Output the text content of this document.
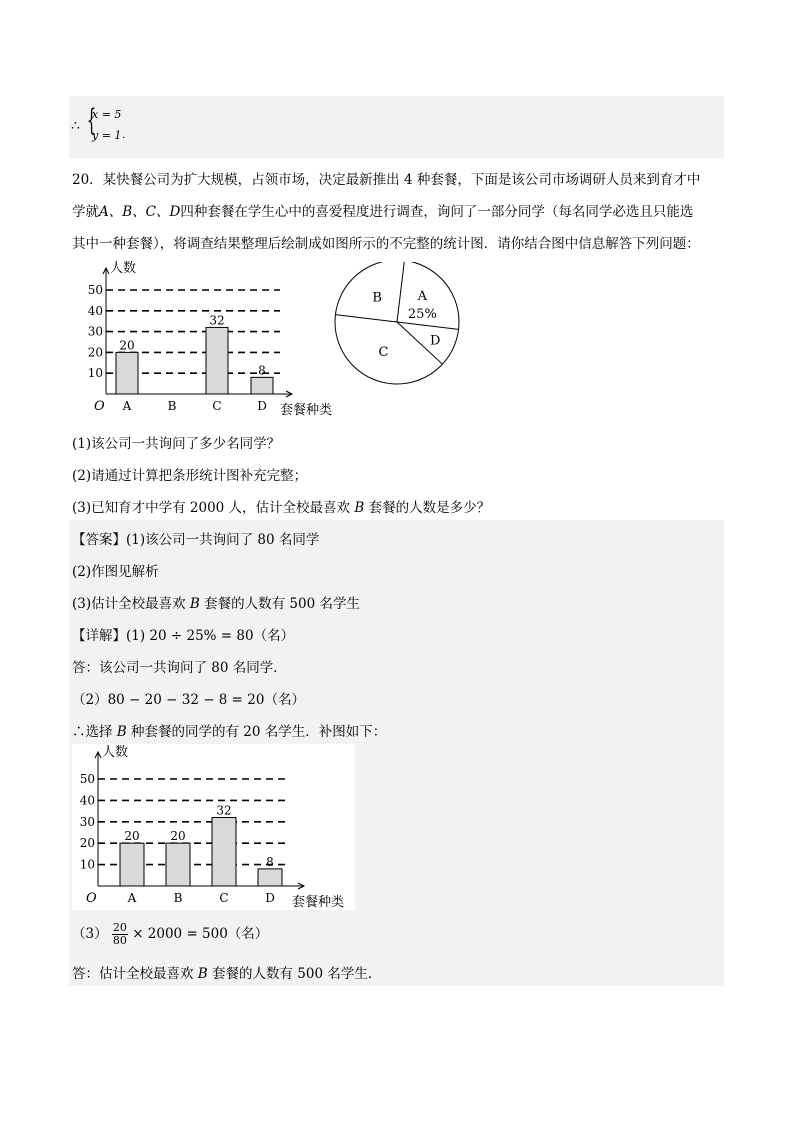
∴ {
x = 5
y = 1 .
20．某快餐公司为扩大规模，占领市场，决定最新推出 4 种套餐，下面是该公司市场调研人员来到育才中
学就A、B、C、D四种套餐在学生心中的喜爱程度进行调查，询问了一部分同学（每名同学必选且只能选
其中一种套餐），将调查结果整理后绘制成如图所示的不完整的统计图．请你结合图中信息解答下列问题：
人数
10
20
30
40
50
O
20
A	B
32
C
8
D 套餐种类
A
25%
D
C
B
(1)该公司一共询问了多少名同学？
(2)请通过计算把条形统计图补充完整；
(3)已知育才中学有 2000 人，估计全校最喜欢 B 套餐的人数是多少？
【答案】(1)该公司一共询问了 80 名同学
(2)作图见解析
(3)估计全校最喜欢 B 套餐的人数有 500 名学生
【详解】(1) 20 ÷ 25% = 80（名）
答：该公司一共询问了 80 名同学．
（2）80 − 20 − 32 − 8 = 20（名）
∴选择 B 种套餐的同学的有 20 名学生．补图如下：
人数
10
20
30
40
50
O
20
A
20
B
32
C
8
D 套餐种类
$(3) \frac{20}{80} \times 2000 = 500$（名）
答：估计全校最喜欢 B 套餐的人数有 500 名学生．
